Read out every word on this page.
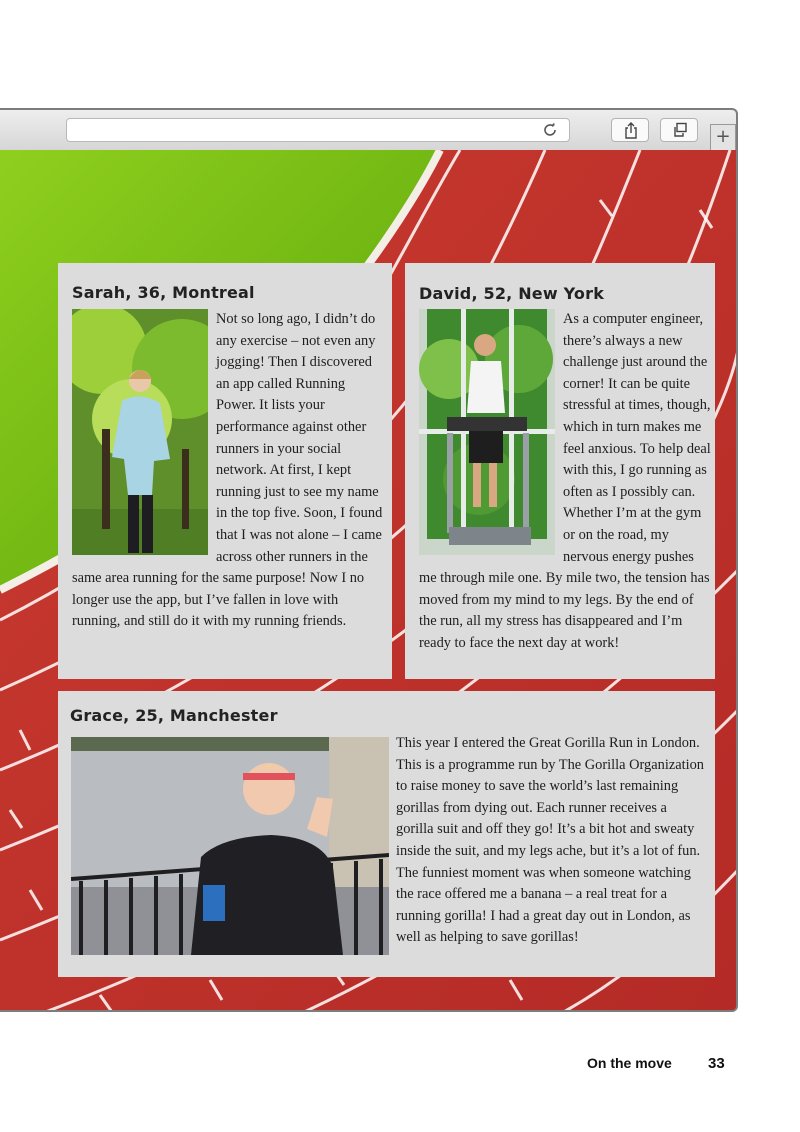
+
Sarah, 36, Montreal
Not so long ago, I didn’t do any exercise – not even any jogging! Then I discovered an app called Running Power. It lists your performance against other runners in your social network. At first, I kept running just to see my name in the top five. Soon, I found that I was not alone – I came across other runners in the same area running for the same purpose! Now I no longer use the app, but I’ve fallen in love with running, and still do it with my running friends.
David, 52, New York
As a computer engineer, there’s always a new challenge just around the corner! It can be quite stressful at times, though, which in turn makes me feel anxious. To help deal with this, I go running as often as I possibly can. Whether I’m at the gym or on the road, my nervous energy pushes me through mile one. By mile two, the tension has moved from my mind to my legs. By the end of the run, all my stress has disappeared and I’m ready to face the next day at work!
Grace, 25, Manchester
This year I entered the Great Gorilla Run in London. This is a programme run by The Gorilla Organization to raise money to save the world’s last remaining gorillas from dying out. Each runner receives a gorilla suit and off they go! It’s a bit hot and sweaty inside the suit, and my legs ache, but it’s a lot of fun. The funniest moment was when someone watching the race offered me a banana – a real treat for a running gorilla! I had a great day out in London, as well as helping to save gorillas!
On the move 33
